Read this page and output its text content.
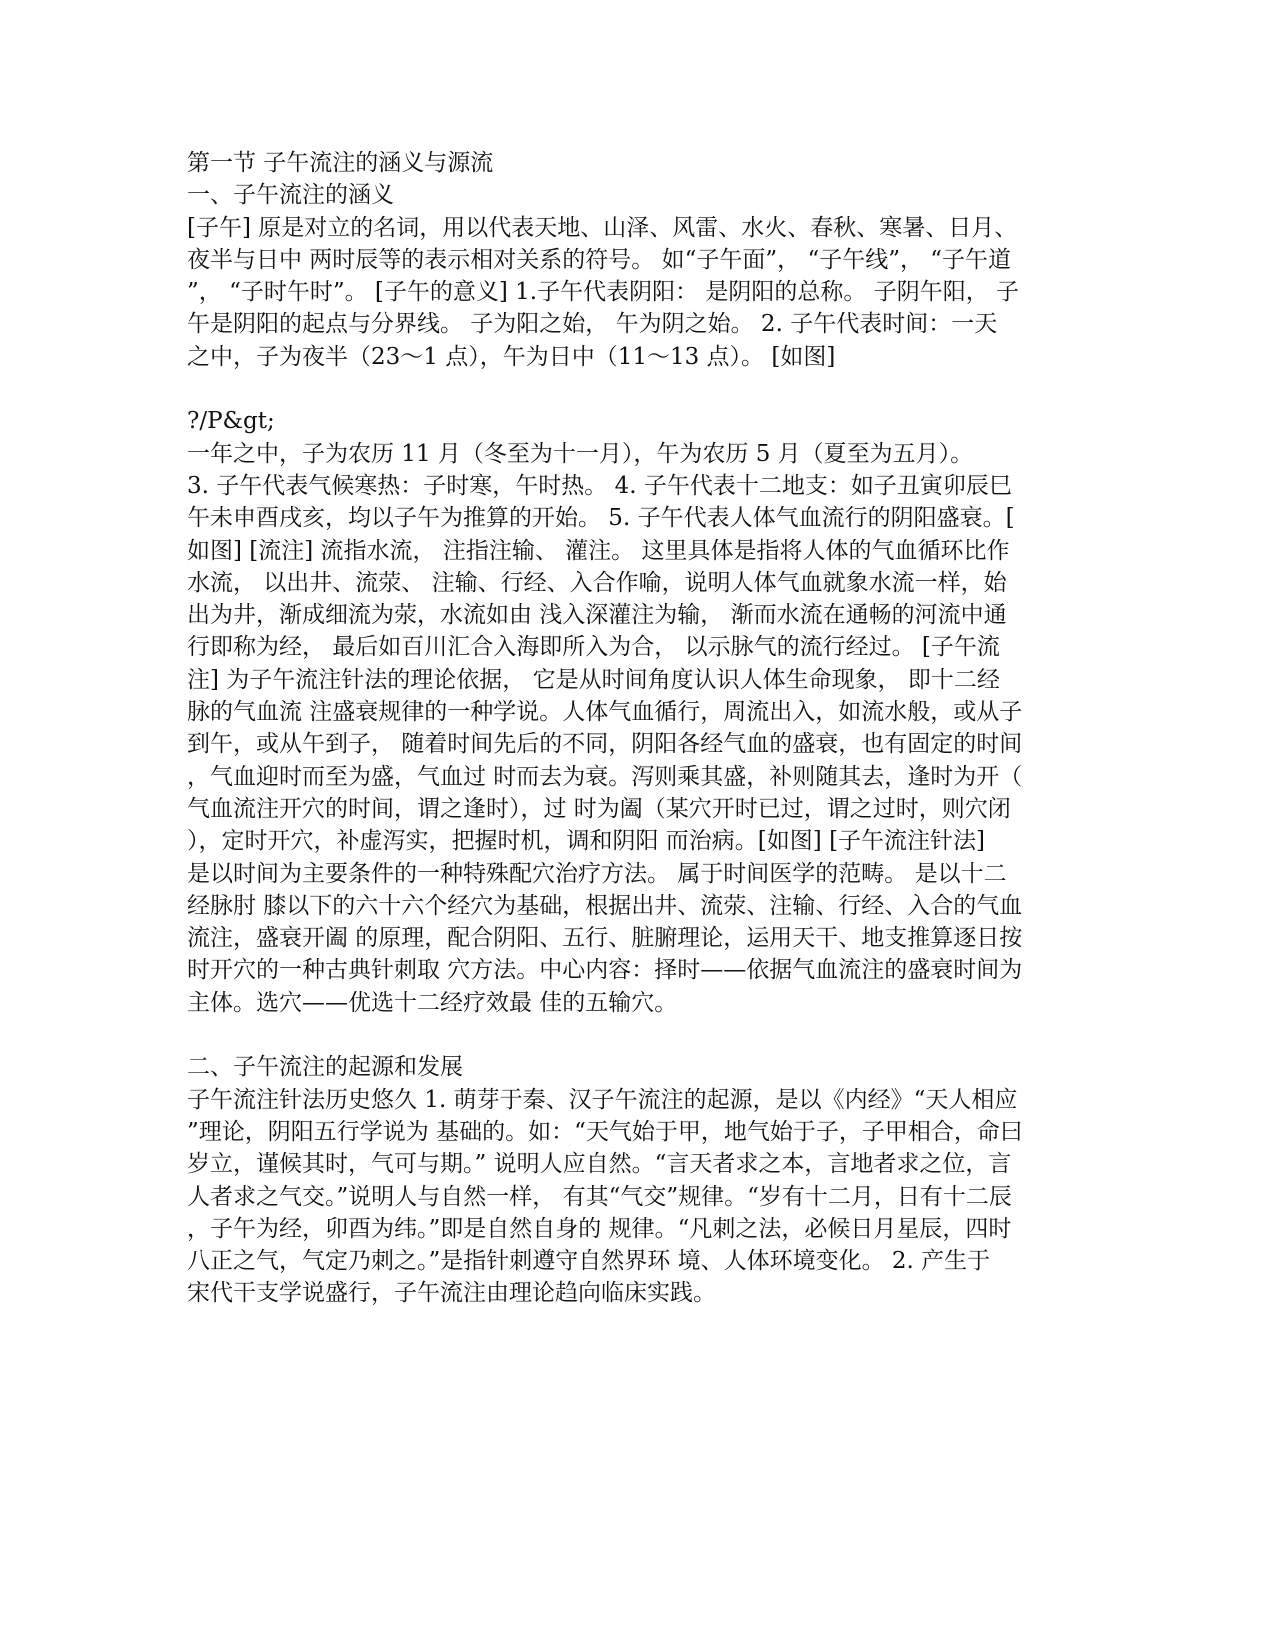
第一节 子午流注的涵义与源流
一、子午流注的涵义
[子午] 原是对立的名词，用以代表天地、山泽、风雷、水火、春秋、寒暑、日月、
夜半与日中 两时辰等的表示相对关系的符号。 如“子午面”， “子午线”， “子午道
”， “子时午时”。 [子午的意义] 1.子午代表阴阳： 是阴阳的总称。 子阴午阳， 子
午是阴阳的起点与分界线。 子为阳之始， 午为阴之始。 2. 子午代表时间：一天
之中，子为夜半（23～1 点），午为日中（11～13 点）。 [如图]
?/P&gt;
一年之中，子为农历 11 月（冬至为十一月），午为农历 5 月（夏至为五月）。
3. 子午代表气候寒热：子时寒，午时热。 4. 子午代表十二地支：如子丑寅卯辰巳
午未申酉戌亥，均以子午为推算的开始。 5. 子午代表人体气血流行的阴阳盛衰。[
如图] [流注] 流指水流， 注指注输、 灌注。 这里具体是指将人体的气血循环比作
水流， 以出井、流荥、 注输、行经、入合作喻，说明人体气血就象水流一样，始
出为井，渐成细流为荥，水流如由 浅入深灌注为输， 渐而水流在通畅的河流中通
行即称为经， 最后如百川汇合入海即所入为合， 以示脉气的流行经过。 [子午流
注] 为子午流注针法的理论依据， 它是从时间角度认识人体生命现象， 即十二经
脉的气血流 注盛衰规律的一种学说。人体气血循行，周流出入，如流水般，或从子
到午，或从午到子， 随着时间先后的不同，阴阳各经气血的盛衰，也有固定的时间
，气血迎时而至为盛，气血过 时而去为衰。泻则乘其盛，补则随其去，逢时为开（
气血流注开穴的时间，谓之逢时），过 时为阖（某穴开时已过，谓之过时，则穴闭
），定时开穴，补虚泻实，把握时机，调和阴阳 而治病。[如图] [子午流注针法]
是以时间为主要条件的一种特殊配穴治疗方法。 属于时间医学的范畴。 是以十二
经脉肘 膝以下的六十六个经穴为基础，根据出井、流荥、注输、行经、入合的气血
流注，盛衰开阖 的原理，配合阴阳、五行、脏腑理论，运用天干、地支推算逐日按
时开穴的一种古典针刺取 穴方法。中心内容：择时——依据气血流注的盛衰时间为
主体。选穴——优选十二经疗效最 佳的五输穴。
二、子午流注的起源和发展
子午流注针法历史悠久 1. 萌芽于秦、汉子午流注的起源，是以《内经》“天人相应
”理论，阴阳五行学说为 基础的。如：“天气始于甲，地气始于子，子甲相合，命曰
岁立，谨候其时，气可与期。” 说明人应自然。“言天者求之本，言地者求之位，言
人者求之气交。”说明人与自然一样， 有其“气交”规律。“岁有十二月，日有十二辰
，子午为经，卯酉为纬。”即是自然自身的 规律。“凡刺之法，必候日月星辰，四时
八正之气，气定乃刺之。”是指针刺遵守自然界环 境、人体环境变化。 2. 产生于
宋代干支学说盛行，子午流注由理论趋向临床实践。
